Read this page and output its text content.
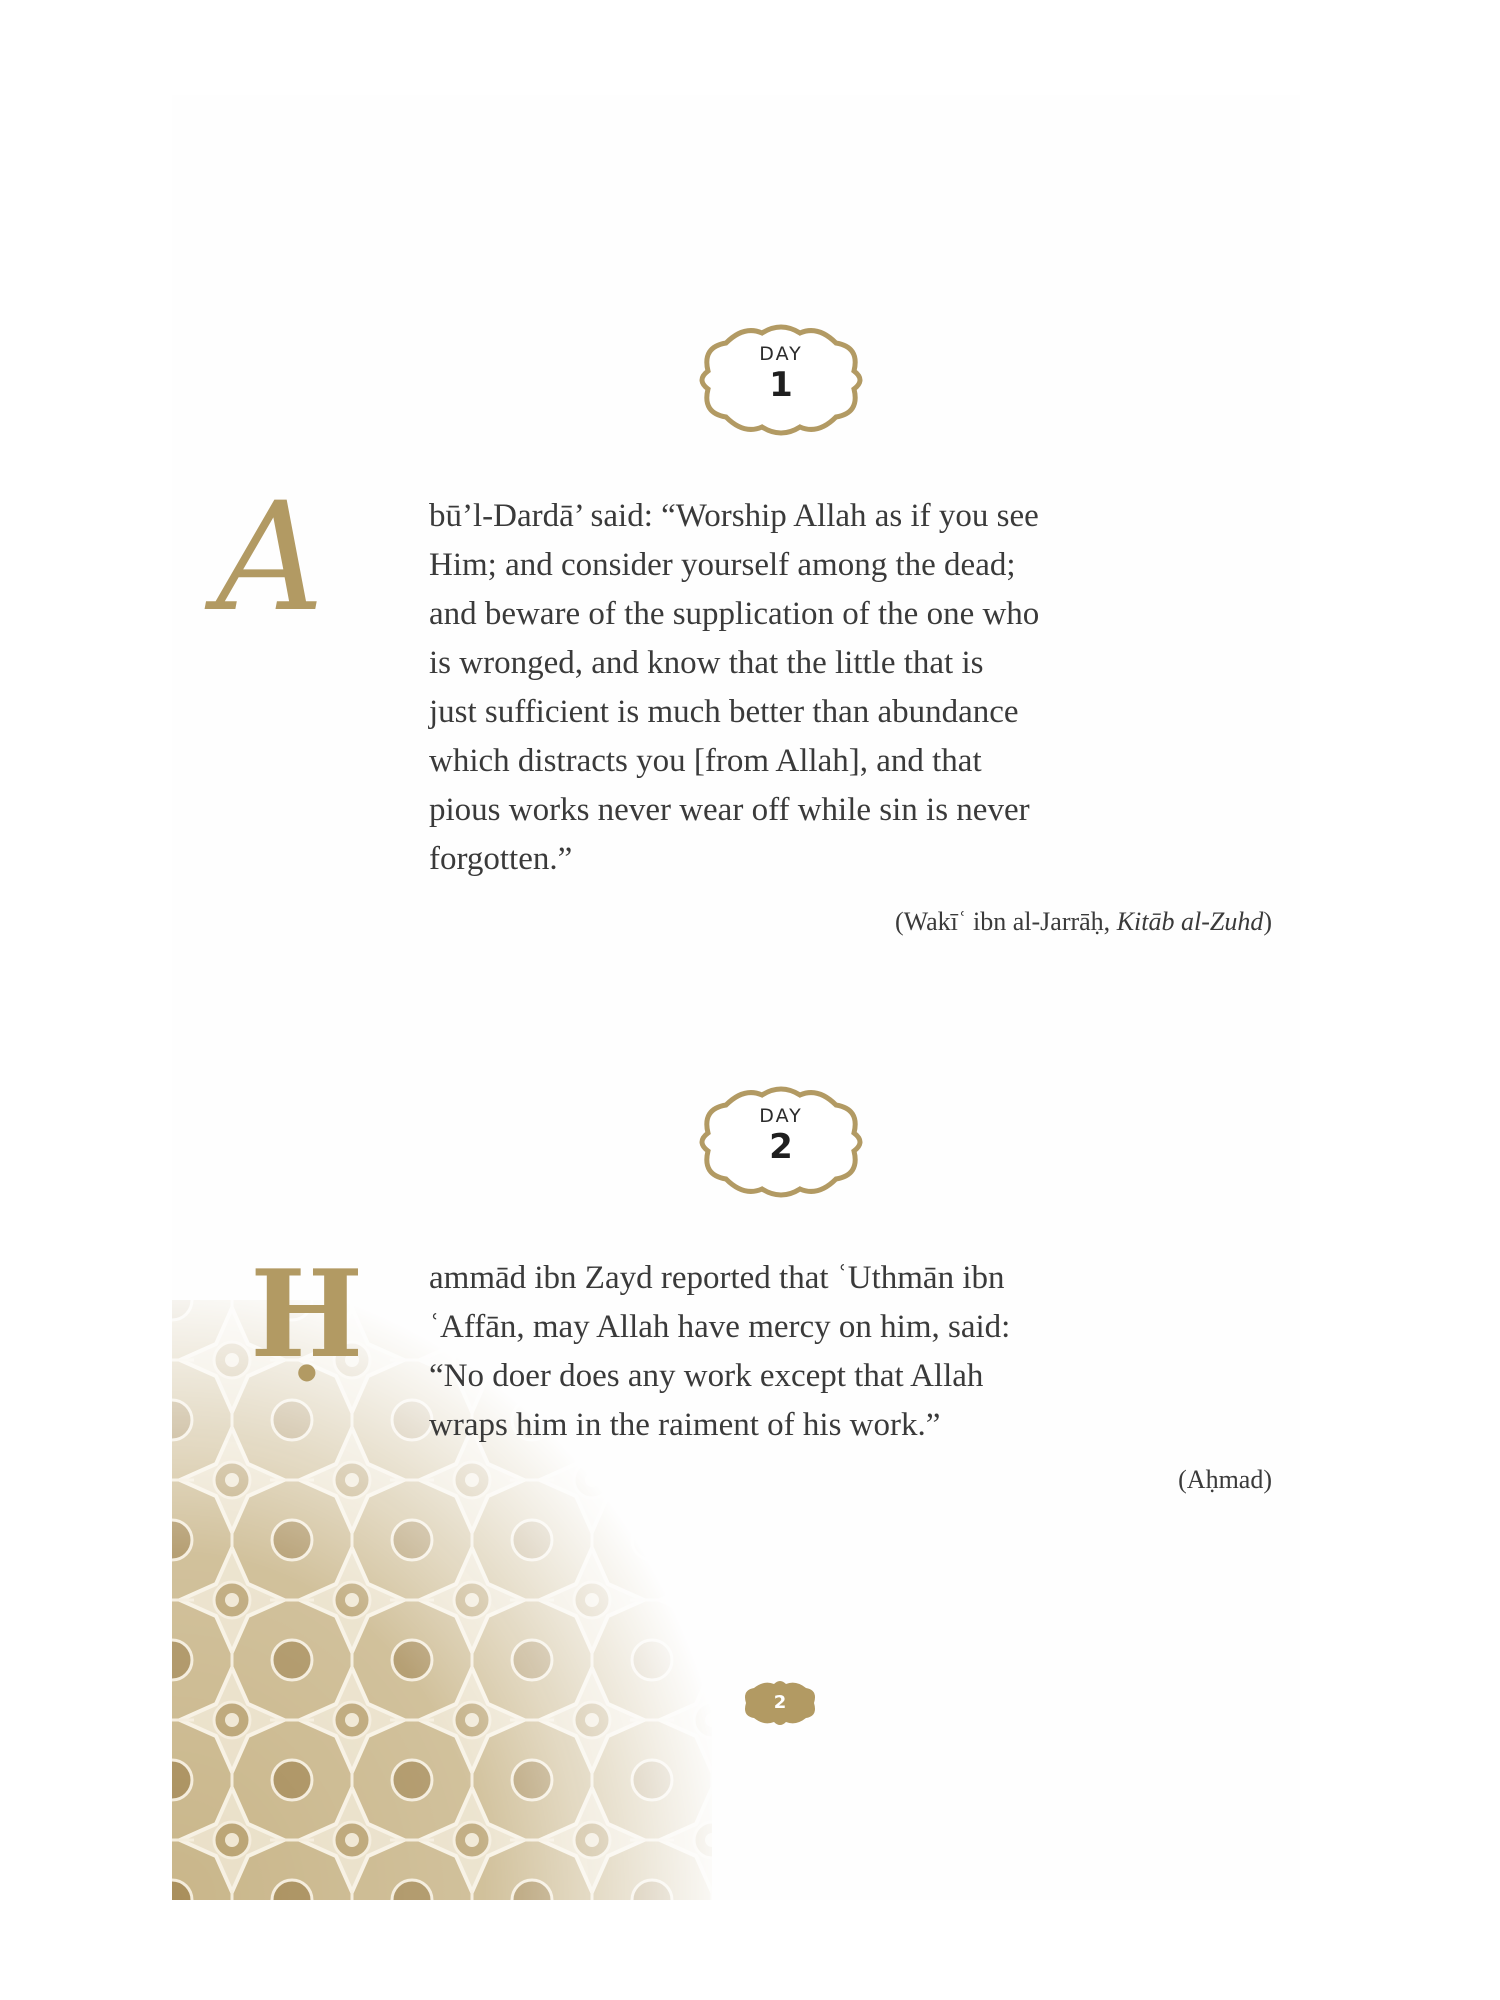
DAY
1
A	bū’l-Dardā’ said: “Worship Allah as if you see
Him; and consider yourself among the dead;
and beware of the supplication of the one who
is wronged, and know that the little that is
just sufficient is much better than abundance
which distracts you [from Allah], and that
pious works never wear off while sin is never
forgotten.”
(Wakīʿ ibn al-Jarrāḥ, Kitāb al-Zuhd)
DAY
2
Ḥ ammād ibn Zayd reported that ʿUthmān ibn
ʿAffān, may Allah have mercy on him, said:
“No doer does any work except that Allah
wraps him in the raiment of his work.”
(Aḥmad)
2
